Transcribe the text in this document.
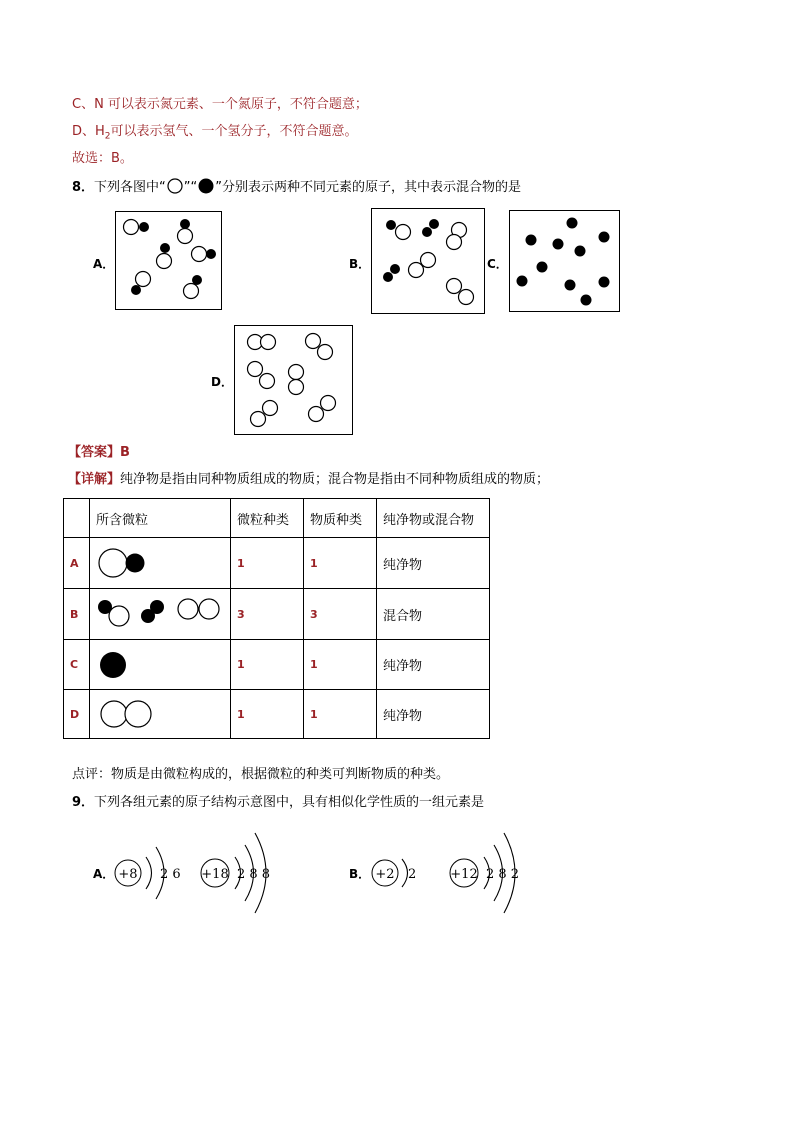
C、N 可以表示氮元素、一个氮原子，不符合题意；
D、$H_2$可以表示氢气、一个氢分子，不符合题意。
故选：B。
8．下列各图中“ ”“ ”分别表示两种不同元素的原子，其中表示混合物的是
A．	B．	C．
D．
【答案】B
【详解】纯净物是指由同种物质组成的物质；混合物是指由不同种物质组成的物质；
	所含微粒	微粒种类	物质种类	纯净物或混合物
A		1	1	纯净物
B		3	3	混合物
C		1	1	纯净物
D		1	1	纯净物
点评：物质是由微粒构成的，根据微粒的种类可判断物质的种类。
9．下列各组元素的原子结构示意图中，具有相似化学性质的一组元素是
A．	B．
+8 2 6 +18 2 8 8	+2 2	+12 2 8 2
